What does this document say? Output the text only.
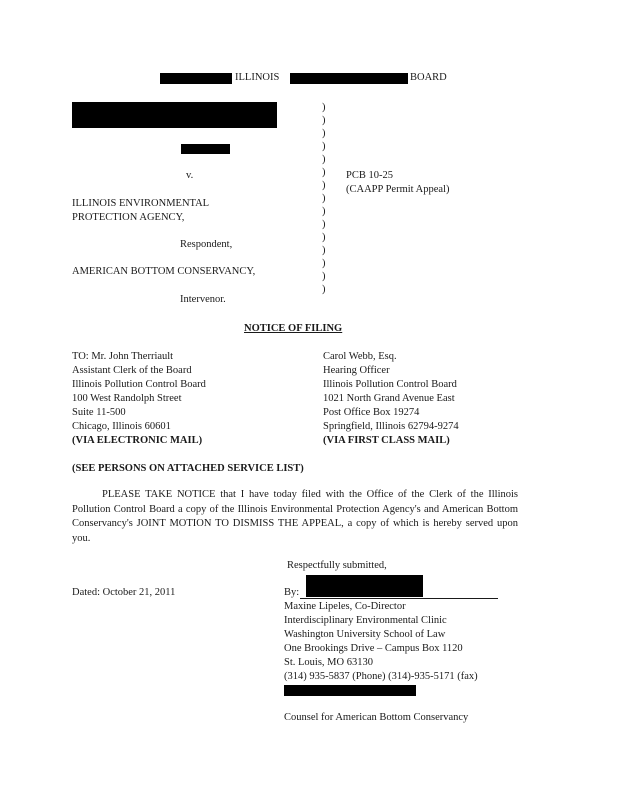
ILLINOIS	BOARD
v.
ILLINOIS ENVIRONMENTAL
PROTECTION AGENCY,
Respondent,
AMERICAN BOTTOM CONSERVANCY,
Intervenor.
)
)
)
)
)
)
)
)
)
)
)
)
)
)
)
PCB 10-25
(CAAPP Permit Appeal)
NOTICE OF FILING
TO: Mr. John Therriault
Assistant Clerk of the Board
Illinois Pollution Control Board
100 West Randolph Street
Suite 11-500
Chicago, Illinois 60601
(VIA ELECTRONIC MAIL)
Carol Webb, Esq.
Hearing Officer
Illinois Pollution Control Board
1021 North Grand Avenue East
Post Office Box 19274
Springfield, Illinois 62794-9274
(VIA FIRST CLASS MAIL)
(SEE PERSONS ON ATTACHED SERVICE LIST)
PLEASE TAKE NOTICE that I have today filed with the Office of the Clerk of the Illinois Pollution Control Board a copy of the Illinois Environmental Protection Agency's and American Bottom Conservancy's JOINT MOTION TO DISMISS THE APPEAL, a copy of which is hereby served upon you.
Respectfully submitted,
Dated: October 21, 2011	By:
Maxine Lipeles, Co-Director
Interdisciplinary Environmental Clinic
Washington University School of Law
One Brookings Drive – Campus Box 1120
St. Louis, MO 63130
(314) 935-5837 (Phone) (314)-935-5171 (fax)
Counsel for American Bottom Conservancy
